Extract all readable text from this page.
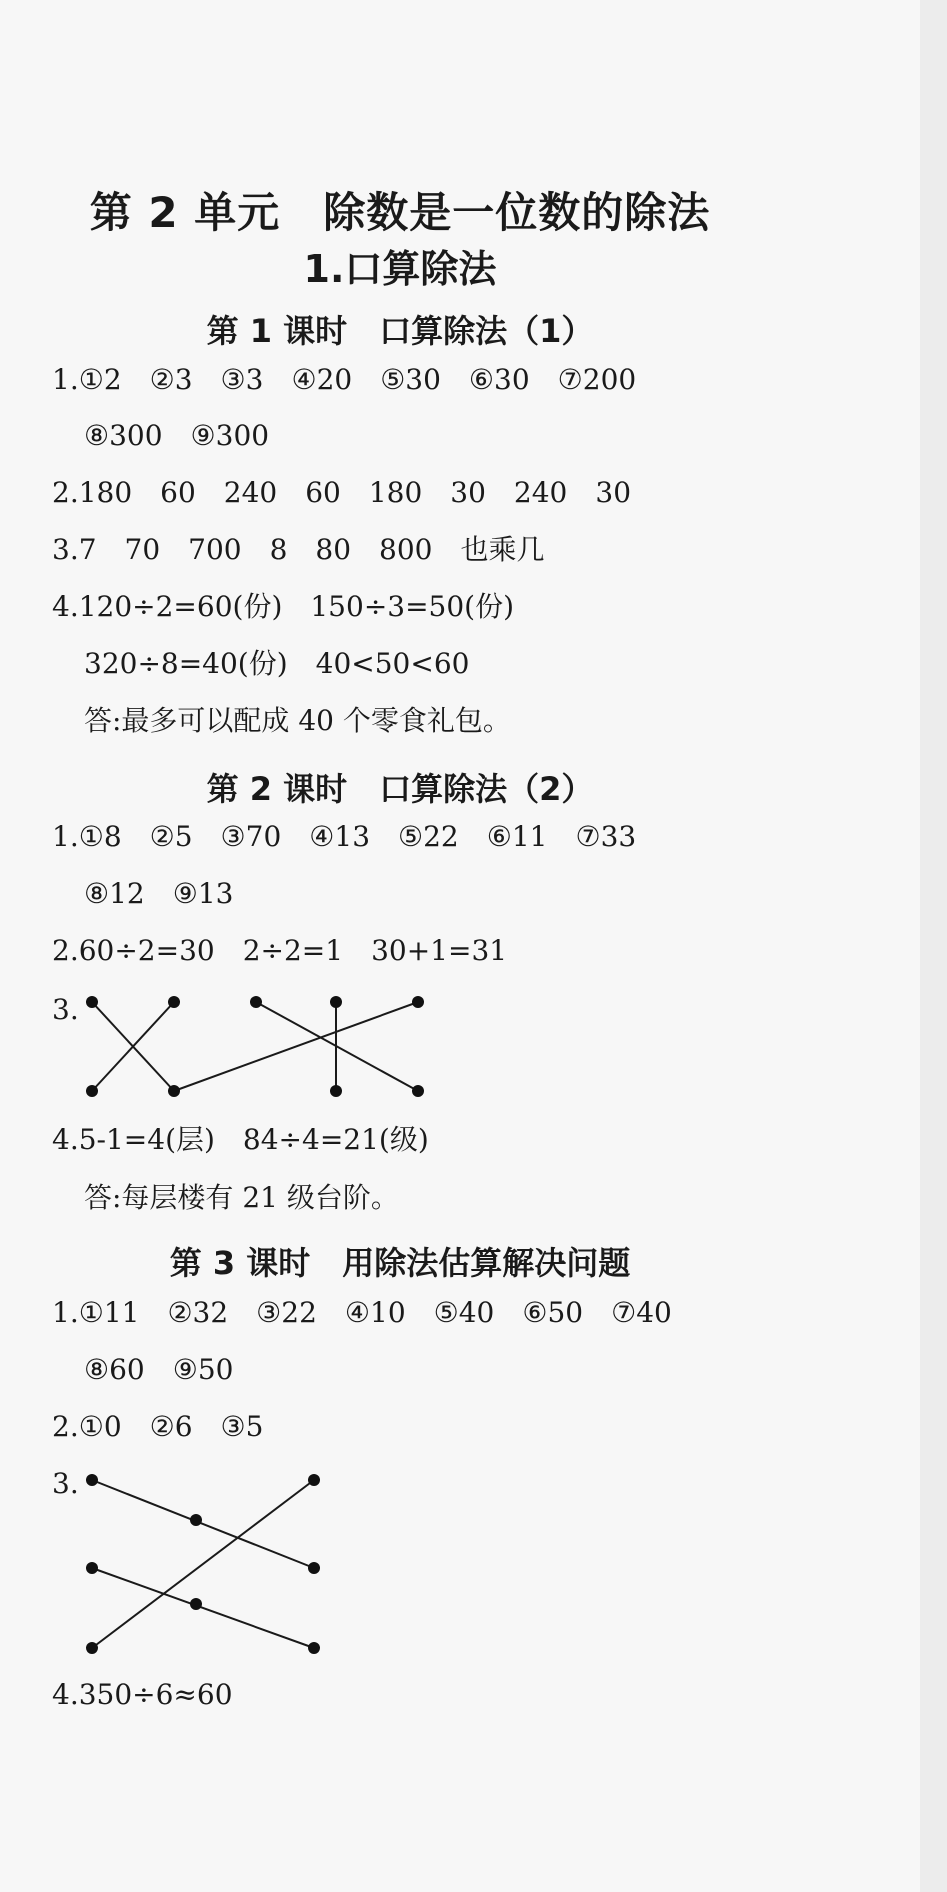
第 2 单元　除数是一位数的除法
1.口算除法
第 1 课时　口算除法（1）
1.①2　②3　③3　④20　⑤30　⑥30　⑦200
⑧300　⑨300
2.180　60　240　60　180　30　240　30
3.7　70　700　8　80　800　也乘几
4.120÷2=60(份)　150÷3=50(份)
320÷8=40(份)　40<50<60
答:最多可以配成 40 个零食礼包。
第 2 课时　口算除法（2）
1.①8　②5　③70　④13　⑤22　⑥11　⑦33
⑧12　⑨13
2.60÷2=30　2÷2=1　30+1=31
3.
4.5-1=4(层)　84÷4=21(级)
答:每层楼有 21 级台阶。
第 3 课时　用除法估算解决问题
1.①11　②32　③22　④10　⑤40　⑥50　⑦40
⑧60　⑨50
2.①0　②6　③5
3.
4.350÷6≈60
